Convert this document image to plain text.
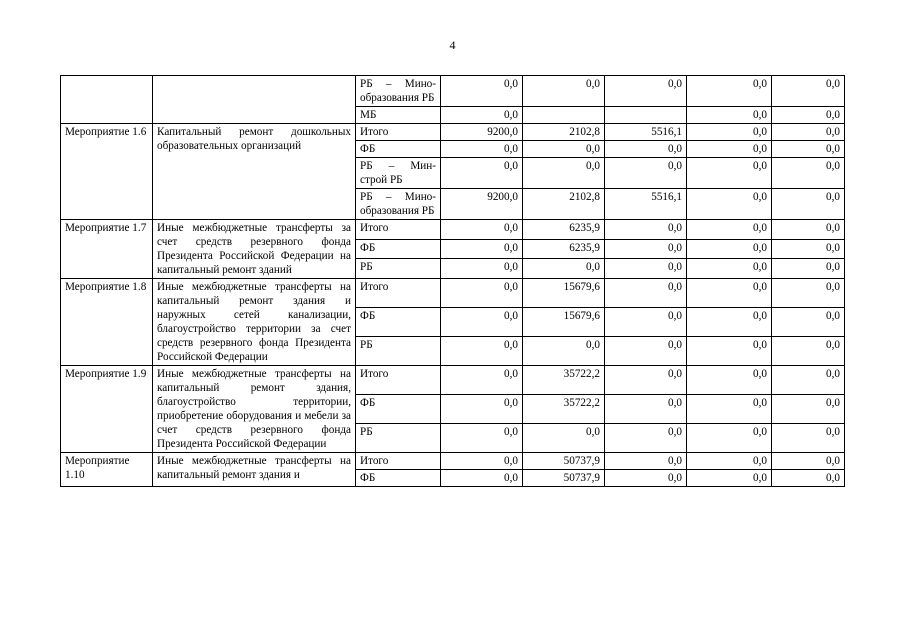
4
		РБ – Мино-образования РБ	0,0	0,0	0,0	0,0	0,0
		МБ	0,0			0,0	0,0
Мероприятие 1.6	Капитальный ремонт дошкольных образовательных организаций	Итого	9200,0	2102,8	5516,1	0,0	0,0
		ФБ	0,0	0,0	0,0	0,0	0,0
		РБ – Мин-строй РБ	0,0	0,0	0,0	0,0	0,0
		РБ – Мино-образования РБ	9200,0	2102,8	5516,1	0,0	0,0
Мероприятие 1.7	Иные межбюджетные трансферты за счет средств резервного фонда Президента Российской Федерации на капитальный ремонт зданий	Итого	0,0	6235,9	0,0	0,0	0,0
		ФБ	0,0	6235,9	0,0	0,0	0,0
		РБ	0,0	0,0	0,0	0,0	0,0
Мероприятие 1.8	Иные межбюджетные трансферты на капитальный ремонт здания и наружных сетей канализации, благоустройство территории за счет средств резервного фонда Президента Российской Федерации	Итого	0,0	15679,6	0,0	0,0	0,0
		ФБ	0,0	15679,6	0,0	0,0	0,0
		РБ	0,0	0,0	0,0	0,0	0,0
Мероприятие 1.9	Иные межбюджетные трансферты на капитальный ремонт здания, благоустройство территории, приобретение оборудования и мебели за счет средств резервного фонда Президента Российской Федерации	Итого	0,0	35722,2	0,0	0,0	0,0
		ФБ	0,0	35722,2	0,0	0,0	0,0
		РБ	0,0	0,0	0,0	0,0	0,0
Мероприятие 1.10	Иные межбюджетные трансферты на капитальный ремонт здания и	Итого	0,0	50737,9	0,0	0,0	0,0
		ФБ	0,0	50737,9	0,0	0,0	0,0
